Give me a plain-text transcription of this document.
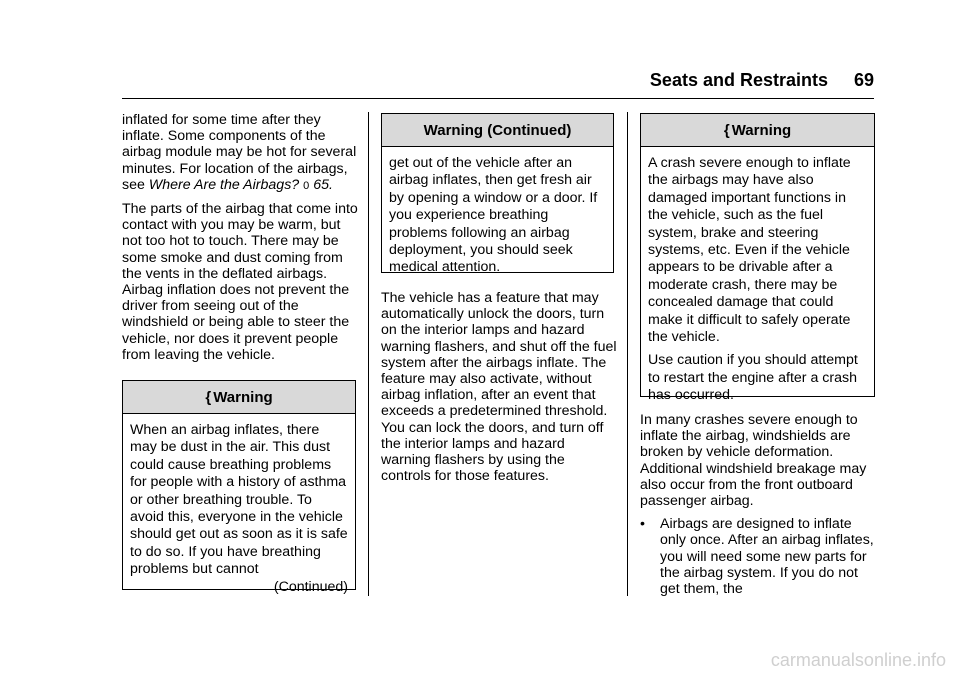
Seats and Restraints 69

inflated for some time after they inflate. Some components of the airbag module may be hot for several minutes. For location of the airbags, see Where Are the Airbags? 0 65.

The parts of the airbag that come into contact with you may be warm, but not too hot to touch. There may be some smoke and dust coming from the vents in the deflated airbags. Airbag inflation does not prevent the driver from seeing out of the windshield or being able to steer the vehicle, nor does it prevent people from leaving the vehicle.

{ Warning
When an airbag inflates, there may be dust in the air. This dust could cause breathing problems for people with a history of asthma or other breathing trouble. To avoid this, everyone in the vehicle should get out as soon as it is safe to do so. If you have breathing problems but cannot
(Continued)
Warning (Continued)
get out of the vehicle after an airbag inflates, then get fresh air by opening a window or a door. If you experience breathing problems following an airbag deployment, you should seek medical attention.

The vehicle has a feature that may automatically unlock the doors, turn on the interior lamps and hazard warning flashers, and shut off the fuel system after the airbags inflate. The feature may also activate, without airbag inflation, after an event that exceeds a predetermined threshold. You can lock the doors, and turn off the interior lamps and hazard warning flashers by using the controls for those features.

{ Warning

A crash severe enough to inflate the airbags may have also damaged important functions in the vehicle, such as the fuel system, brake and steering systems, etc. Even if the vehicle appears to be drivable after a moderate crash, there may be concealed damage that could make it difficult to safely operate the vehicle.

Use caution if you should attempt to restart the engine after a crash has occurred.

In many crashes severe enough to inflate the airbag, windshields are broken by vehicle deformation. Additional windshield breakage may also occur from the front outboard passenger airbag.

•	Airbags are designed to inflate only once. After an airbag inflates, you will need some new parts for the airbag system. If you do not get them, the
carmanualsonline.info
